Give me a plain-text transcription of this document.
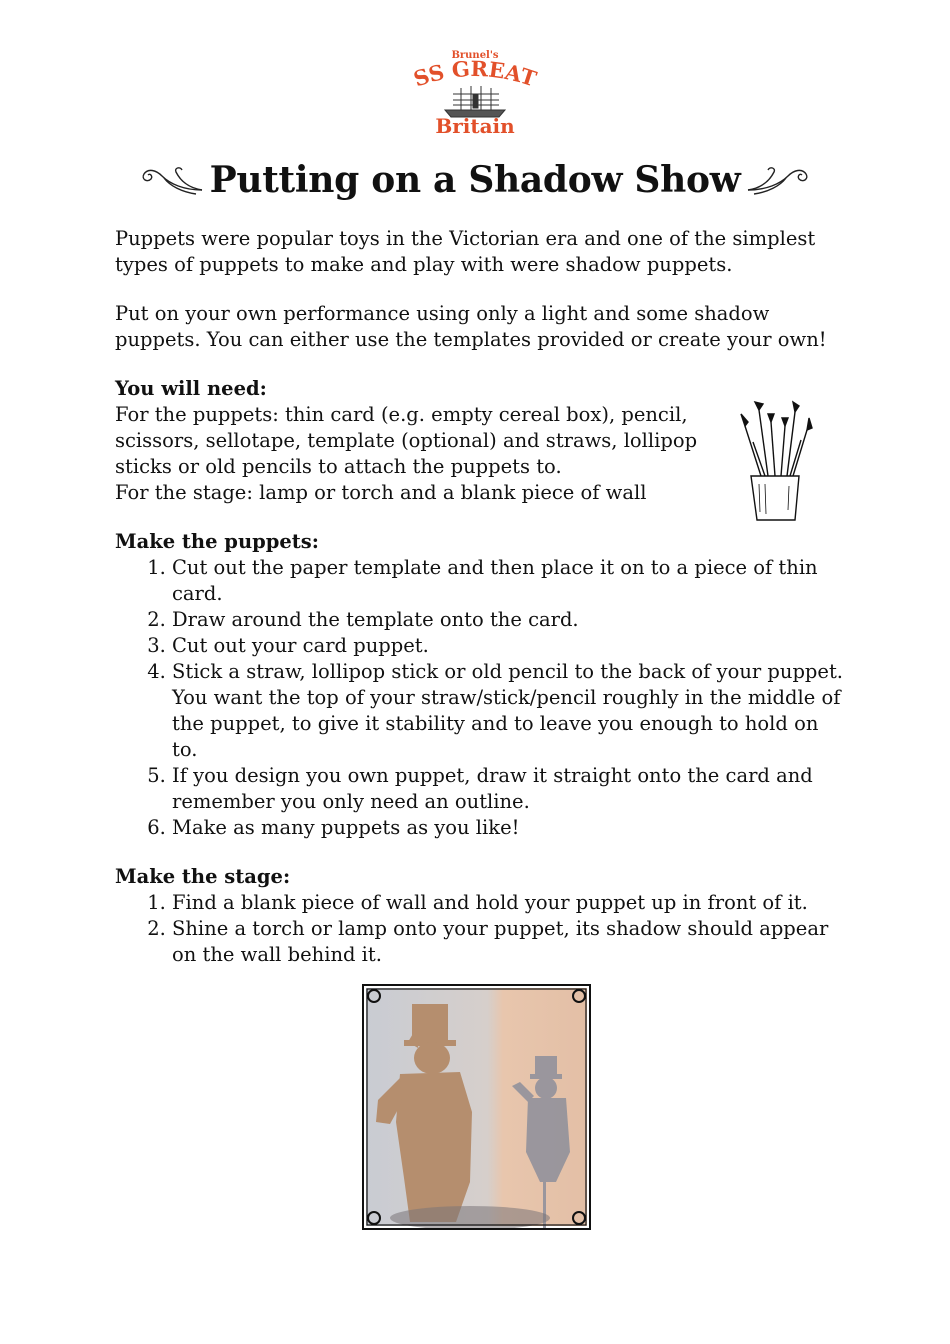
Brunel's
SS GREAT
Britain
Putting on a Shadow Show

Puppets were popular toys in the Victorian era and one of the simplest types of puppets to make and play with were shadow puppets.

Put on your own performance using only a light and some shadow puppets. You can either use the templates provided or create your own!

You will need:

For the puppets: thin card (e.g. empty cereal box), pencil, scissors, sellotape, template (optional) and straws, lollipop sticks or old pencils to attach the puppets to.

For the stage: lamp or torch and a blank piece of wall

Make the puppets:

1. Cut out the paper template and then place it on to a piece of thin card.
2. Draw around the template onto the card.
3. Cut out your card puppet.
4. Stick a straw, lollipop stick or old pencil to the back of your puppet. You want the top of your straw/stick/pencil roughly in the middle of the puppet, to give it stability and to leave you enough to hold on to.
5. If you design you own puppet, draw it straight onto the card and remember you only need an outline.
6. Make as many puppets as you like!

Make the stage:

1. Find a blank piece of wall and hold your puppet up in front of it.
2. Shine a torch or lamp onto your puppet, its shadow should appear on the wall behind it.
